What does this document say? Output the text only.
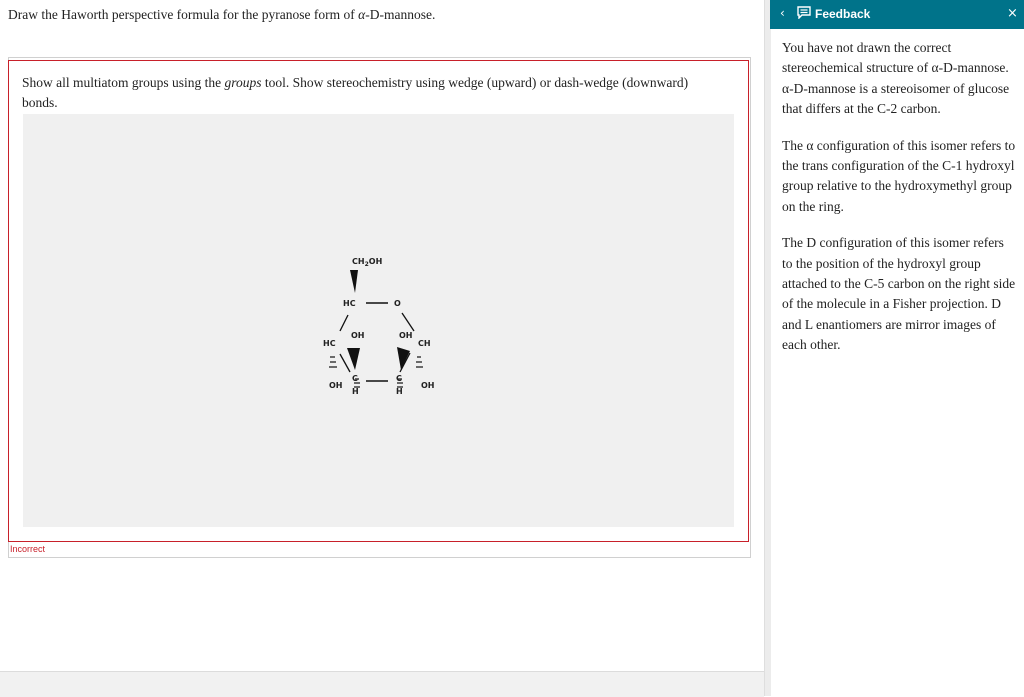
Draw the Haworth perspective formula for the pyranose form of α-D-mannose.
Show all multiatom groups using the groups tool. Show stereochemistry using wedge (upward) or dash-wedge (downward) bonds.
$CH_2OH$
HC	O
HC
OH	OH
CH
C
H
C
H
OH	OH
Incorrect
‹	Feedback	×

You have not drawn the correct stereochemical structure of α-D-mannose. α-D-mannose is a stereoisomer of glucose that differs at the C-2 carbon.

The α configuration of this isomer refers to the trans configuration of the C-1 hydroxyl group relative to the hydroxymethyl group on the ring.

The D configuration of this isomer refers to the position of the hydroxyl group attached to the C-5 carbon on the right side of the molecule in a Fisher projection. D and L enantiomers are mirror images of each other.
